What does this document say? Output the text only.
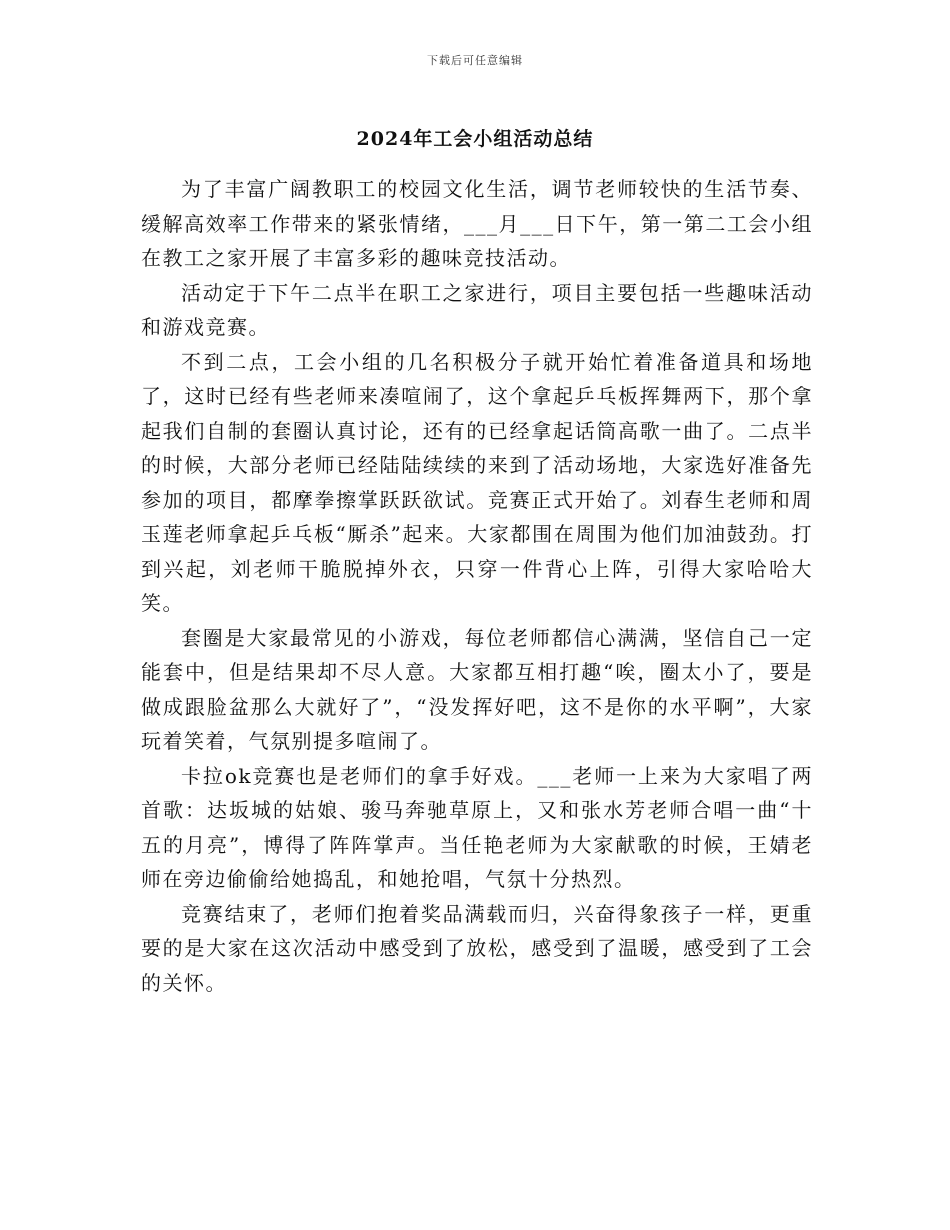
下载后可任意编辑
2024年工会小组活动总结

为了丰富广阔教职工的校园文化生活，调节老师较快的生活节奏、缓解高效率工作带来的紧张情绪，___月___日下午，第一第二工会小组在教工之家开展了丰富多彩的趣味竞技活动。

活动定于下午二点半在职工之家进行，项目主要包括一些趣味活动和游戏竞赛。

不到二点，工会小组的几名积极分子就开始忙着准备道具和场地了，这时已经有些老师来凑喧闹了，这个拿起乒乓板挥舞两下，那个拿起我们自制的套圈认真讨论，还有的已经拿起话筒高歌一曲了。二点半的时候，大部分老师已经陆陆续续的来到了活动场地，大家选好准备先参加的项目，都摩拳擦掌跃跃欲试。竞赛正式开始了。刘春生老师和周玉莲老师拿起乒乓板“厮杀”起来。大家都围在周围为他们加油鼓劲。打到兴起，刘老师干脆脱掉外衣，只穿一件背心上阵，引得大家哈哈大笑。

套圈是大家最常见的小游戏，每位老师都信心满满，坚信自己一定能套中，但是结果却不尽人意。大家都互相打趣“唉，圈太小了，要是做成跟脸盆那么大就好了”，“没发挥好吧，这不是你的水平啊”，大家玩着笑着，气氛别提多喧闹了。

卡拉ok竞赛也是老师们的拿手好戏。___老师一上来为大家唱了两首歌：达坂城的姑娘、骏马奔驰草原上，又和张水芳老师合唱一曲“十五的月亮”，博得了阵阵掌声。当任艳老师为大家献歌的时候，王婧老师在旁边偷偷给她捣乱，和她抢唱，气氛十分热烈。

竞赛结束了，老师们抱着奖品满载而归，兴奋得象孩子一样，更重要的是大家在这次活动中感受到了放松，感受到了温暖，感受到了工会的关怀。
